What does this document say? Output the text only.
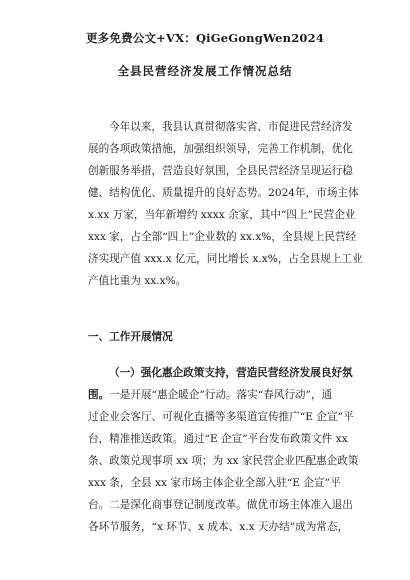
更多免费公文+VX：QiGeGongWen2024
全县民营经济发展工作情况总结
今年以来，我县认真贯彻落实省、市促进民营经济发
展的各项政策措施，加强组织领导，完善工作机制，优化
创新服务举措，营造良好氛围，全县民营经济呈现运行稳
健、结构优化、质量提升的良好态势。2024年，市场主体
x.xx 万家，当年新增约 xxxx 余家，其中“四上”民营企业
xxx 家，占全部“四上”企业数的 xx.x%，全县规上民营经
济实现产值 xxx.x 亿元，同比增长 x.x%，占全县规上工业
产值比重为 xx.x%。
一、工作开展情况
（一）强化惠企政策支持，营造民营经济发展良好氛
围。一是开展“惠企暖企”行动。落实“春风行动”，通
过企业会客厅、可视化直播等多渠道宣传推广“E 企宣”平
台，精准推送政策。通过“E 企宣”平台发布政策文件 xx
条、政策兑现事项 xx 项；为 xx 家民营企业匹配惠企政策
xxx 条，全县 xx 家市场主体企业全部入驻“E 企宣”平
台。二是深化商事登记制度改革。做优市场主体准入退出
各环节服务，“x 环节、x 成本、x.x 天办结”成为常态，
